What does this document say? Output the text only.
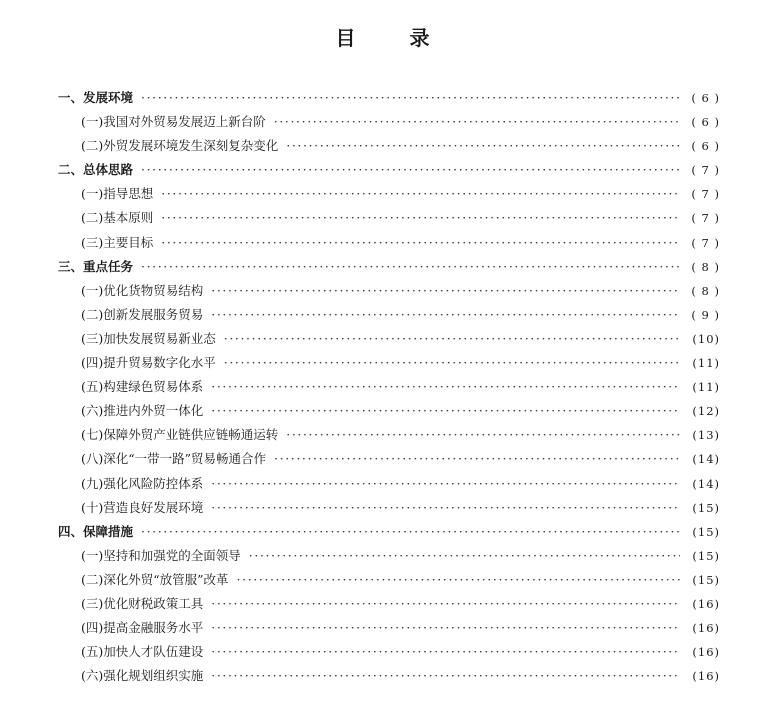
目	录
一、发展环境 ·····	( 6 )
(一)我国对外贸易发展迈上新台阶 ·····	( 6 )
(二)外贸发展环境发生深刻复杂变化 ·····	( 6 )
二、总体思路 ·····	( 7 )
(一)指导思想 ·····	( 7 )
(二)基本原则 ·····	( 7 )
(三)主要目标 ·····	( 7 )
三、重点任务 ·····	( 8 )
(一)优化货物贸易结构 ·····	( 8 )
(二)创新发展服务贸易 ·····	( 9 )
(三)加快发展贸易新业态 ·····	(10)
(四)提升贸易数字化水平 ·····	(11)
(五)构建绿色贸易体系 ·····	(11)
(六)推进内外贸一体化 ·····	(12)
(七)保障外贸产业链供应链畅通运转 ·····	(13)
(八)深化“一带一路”贸易畅通合作 ·····	(14)
(九)强化风险防控体系 ·····	(14)
(十)营造良好发展环境 ·····	(15)
四、保障措施 ·····	(15)
(一)坚持和加强党的全面领导 ·····	(15)
(二)深化外贸“放管服”改革 ·····	(15)
(三)优化财税政策工具 ·····	(16)
(四)提高金融服务水平 ·····	(16)
(五)加快人才队伍建设 ·····	(16)
(六)强化规划组织实施 ·····	(16)
